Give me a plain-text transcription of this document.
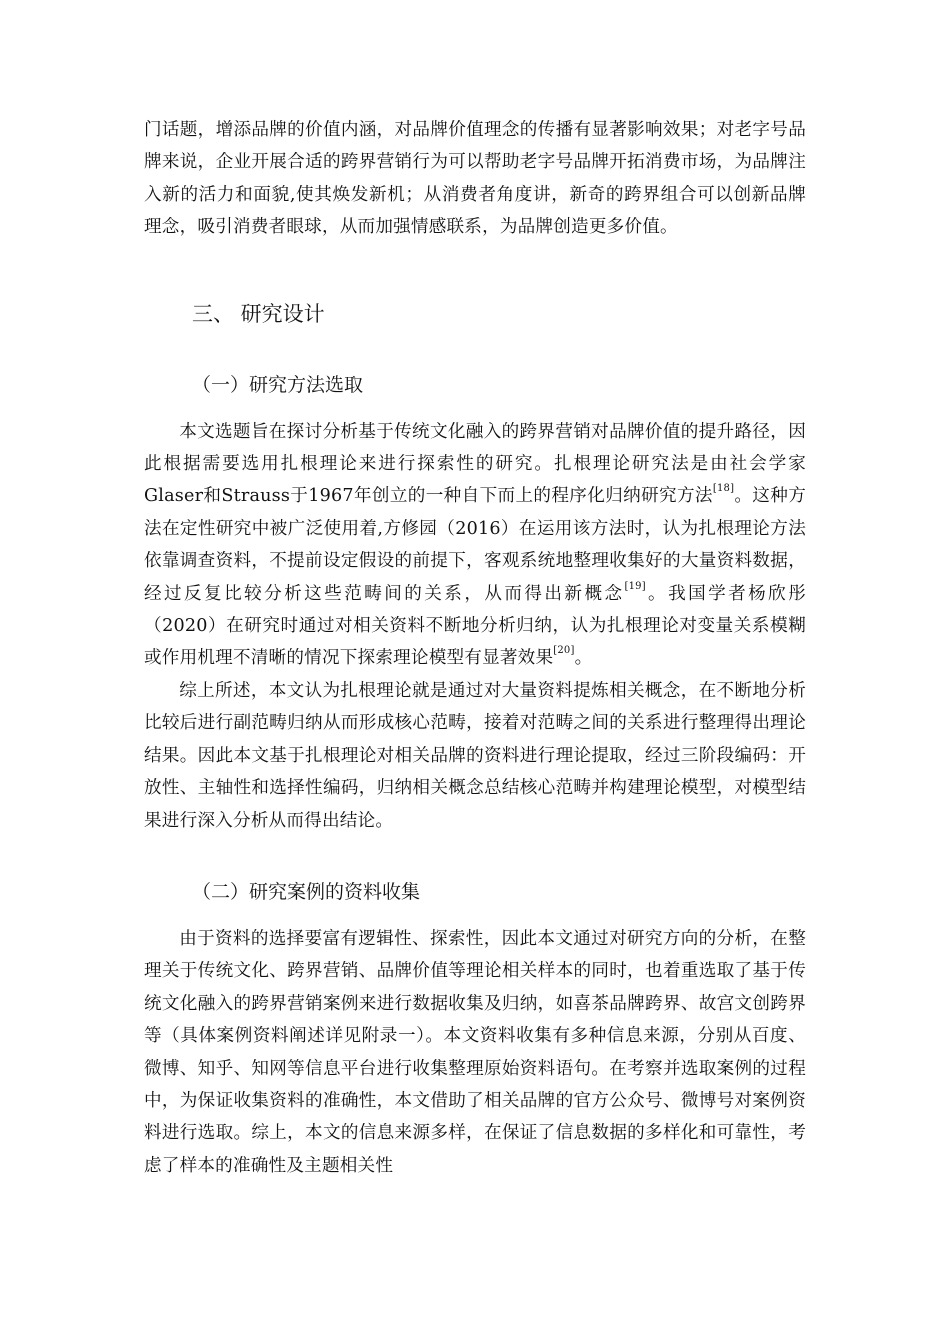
门话题，增添品牌的价值内涵，对品牌价值理念的传播有显著影响效果；对老字号品牌来说，企业开展合适的跨界营销行为可以帮助老字号品牌开拓消费市场，为品牌注入新的活力和面貌,使其焕发新机；从消费者角度讲，新奇的跨界组合可以创新品牌理念，吸引消费者眼球，从而加强情感联系，为品牌创造更多价值。

三、 研究设计
（一）研究方法选取

本文选题旨在探讨分析基于传统文化融入的跨界营销对品牌价值的提升路径，因此根据需要选用扎根理论来进行探索性的研究。扎根理论研究法是由社会学家Glaser和Strauss于1967年创立的一种自下而上的程序化归纳研究方法[18]。这种方法在定性研究中被广泛使用着,方修园（2016）在运用该方法时，认为扎根理论方法依靠调查资料，不提前设定假设的前提下，客观系统地整理收集好的大量资料数据，经过反复比较分析这些范畴间的关系，从而得出新概念[19]。我国学者杨欣彤（2020）在研究时通过对相关资料不断地分析归纳，认为扎根理论对变量关系模糊或作用机理不清晰的情况下探索理论模型有显著效果[20]。

综上所述，本文认为扎根理论就是通过对大量资料提炼相关概念，在不断地分析比较后进行副范畴归纳从而形成核心范畴，接着对范畴之间的关系进行整理得出理论结果。因此本文基于扎根理论对相关品牌的资料进行理论提取，经过三阶段编码：开放性、主轴性和选择性编码，归纳相关概念总结核心范畴并构建理论模型，对模型结果进行深入分析从而得出结论。

（二）研究案例的资料收集

由于资料的选择要富有逻辑性、探索性，因此本文通过对研究方向的分析，在整理关于传统文化、跨界营销、品牌价值等理论相关样本的同时，也着重选取了基于传统文化融入的跨界营销案例来进行数据收集及归纳，如喜茶品牌跨界、故宫文创跨界等（具体案例资料阐述详见附录一）。本文资料收集有多种信息来源，分别从百度、微博、知乎、知网等信息平台进行收集整理原始资料语句。在考察并选取案例的过程中，为保证收集资料的准确性，本文借助了相关品牌的官方公众号、微博号对案例资料进行选取。综上，本文的信息来源多样，在保证了信息数据的多样化和可靠性，考虑了样本的准确性及主题相关性
